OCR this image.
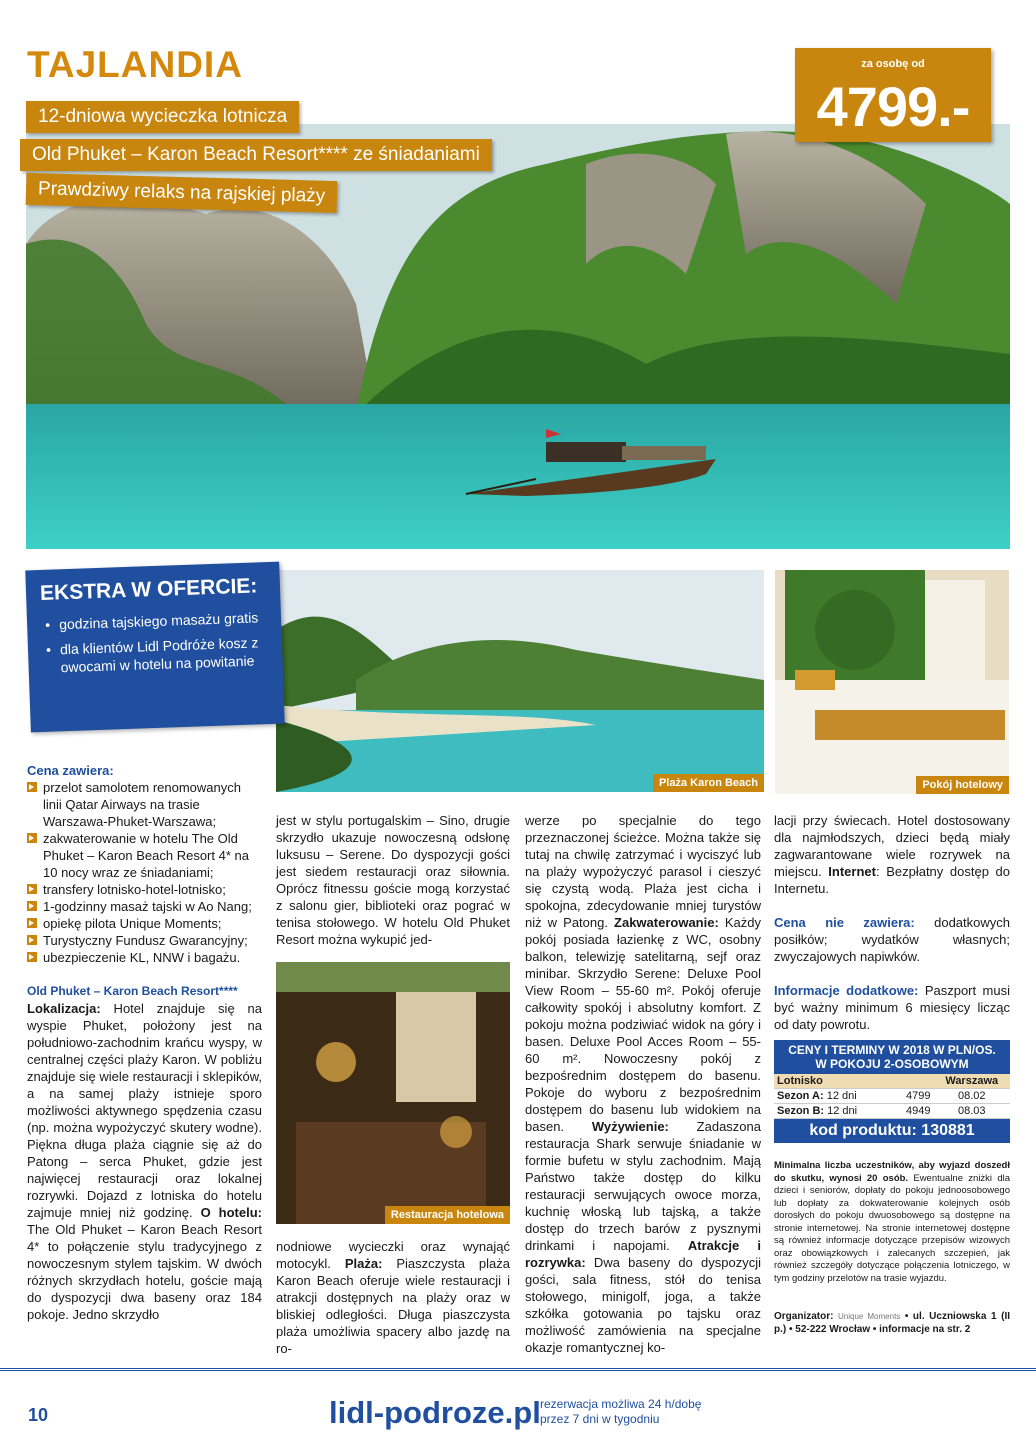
TAJLANDIA
12-dniowa wycieczka lotnicza
Old Phuket – Karon Beach Resort**** ze śniadaniami
Prawdziwy relaks na rajskiej plaży
za osobę od
4799.-
Plaża Karon Beach	Pokój hotelowy
Restauracja hotelowa
EKSTRA W OFERCIE:
• godzina tajskiego masażu gratis
• dla klientów Lidl Podróże kosz z owocami w hotelu na powitanie
Cena zawiera:
przelot samolotem renomowanych linii Qatar Airways na trasie Warszawa-Phuket-Warszawa;
zakwaterowanie w hotelu The Old Phuket – Karon Beach Resort 4* na 10 nocy wraz ze śniadaniami;
transfery lotnisko-hotel-lotnisko;
1-godzinny masaż tajski w Ao Nang;
opiekę pilota Unique Moments;
Turystyczny Fundusz Gwarancyjny;
ubezpieczenie KL, NNW i bagażu.
Old Phuket – Karon Beach Resort****

Lokalizacja: Hotel znajduje się na wyspie Phuket, położony jest na południowo-zachodnim krańcu wyspy, w centralnej części plaży Karon. W pobliżu znajduje się wiele restauracji i sklepików, a na samej plaży istnieje sporo możliwości aktywnego spędzenia czasu (np. można wypożyczyć skutery wodne). Piękna długa plaża ciągnie się aż do Patong – serca Phuket, gdzie jest najwięcej restauracji oraz lokalnej rozrywki. Dojazd z lotniska do hotelu zajmuje mniej niż godzinę. O hotelu: The Old Phuket – Karon Beach Resort 4* to połączenie stylu tradycyjnego z nowoczesnym stylem tajskim. W dwóch różnych skrzydłach hotelu, goście mają do dyspozycji dwa baseny oraz 184 pokoje. Jedno skrzydło

jest w stylu portugalskim – Sino, drugie skrzydło ukazuje nowoczesną odsłonę luksusu – Serene. Do dyspozycji gości jest siedem restauracji oraz siłownia. Oprócz fitnessu goście mogą korzystać z salonu gier, biblioteki oraz pograć w tenisa stołowego. W hotelu Old Phuket Resort można wykupić jed-
nodniowe wycieczki oraz wynająć motocykl. Plaża: Piaszczysta plaża Karon Beach oferuje wiele restauracji i atrakcji dostępnych na plaży oraz w bliskiej odległości. Długa piaszczysta plaża umożliwia spacery albo jazdę na ro-
werze po specjalnie do tego przeznaczonej ścieżce. Można także się tutaj na chwilę zatrzymać i wyciszyć lub na plaży wypożyczyć parasol i cieszyć się czystą wodą. Plaża jest cicha i spokojna, zdecydowanie mniej turystów niż w Patong. Zakwaterowanie: Każdy pokój posiada łazienkę z WC, osobny balkon, telewizję satelitarną, sejf oraz minibar. Skrzydło Serene: Deluxe Pool View Room – 55-60 m². Pokój oferuje całkowity spokój i absolutny komfort. Z pokoju można podziwiać widok na góry i basen. Deluxe Pool Acces Room – 55-60 m². Nowoczesny pokój z bezpośrednim dostępem do basenu. Pokoje do wyboru z bezpośrednim dostępem do basenu lub widokiem na basen. Wyżywienie: Zadaszona restauracja Shark serwuje śniadanie w formie bufetu w stylu zachodnim. Mają Państwo także dostęp do kilku restauracji serwujących owoce morza, kuchnię włoską lub tajską, a także dostęp do trzech barów z pysznymi drinkami i napojami. Atrakcje i rozrywka: Dwa baseny do dyspozycji gości, sala fitness, stół do tenisa stołowego, minigolf, joga, a także szkółka gotowania po tajsku oraz możliwość zamówienia na specjalne okazje romantycznej ko-

lacji przy świecach. Hotel dostosowany dla najmłodszych, dzieci będą miały zagwarantowane wiele rozrywek na miejscu. Internet: Bezpłatny dostęp do Internetu.

Cena nie zawiera: dodatkowych posiłków; wydatków własnych; zwyczajowych napiwków.

Informacje dodatkowe: Paszport musi być ważny minimum 6 miesięcy licząc od daty powrotu.

CENY I TERMINY W 2018 W PLN/OS.
W POKOJU 2-OSOBOWYM
Lotnisko			Warszawa
Sezon A: 12 dni		4799	08.02
Sezon B: 12 dni		4949	08.03
kod produktu: 130881
Minimalna liczba uczestników, aby wyjazd doszedł do skutku, wynosi 20 osób. Ewentualne zniżki dla dzieci i seniorów, dopłaty do pokoju jednoosobowego lub dopłaty za dokwaterowanie kolejnych osób dorosłych do pokoju dwuosobowego są dostępne na stronie internetowej. Na stronie internetowej dostępne są również informacje dotyczące przepisów wizowych oraz obowiązkowych i zalecanych szczepień, jak również szczegóły dotyczące połączenia lotniczego, w tym godziny przelotów na trasie wyjazdu.
Organizator: Unique Moments • ul. Uczniowska 1 (II p.) • 52-222 Wrocław • informacje na str. 2
10	lidl-podroze.pl rezerwacja możliwa 24 h/dobę
przez 7 dni w tygodniu
